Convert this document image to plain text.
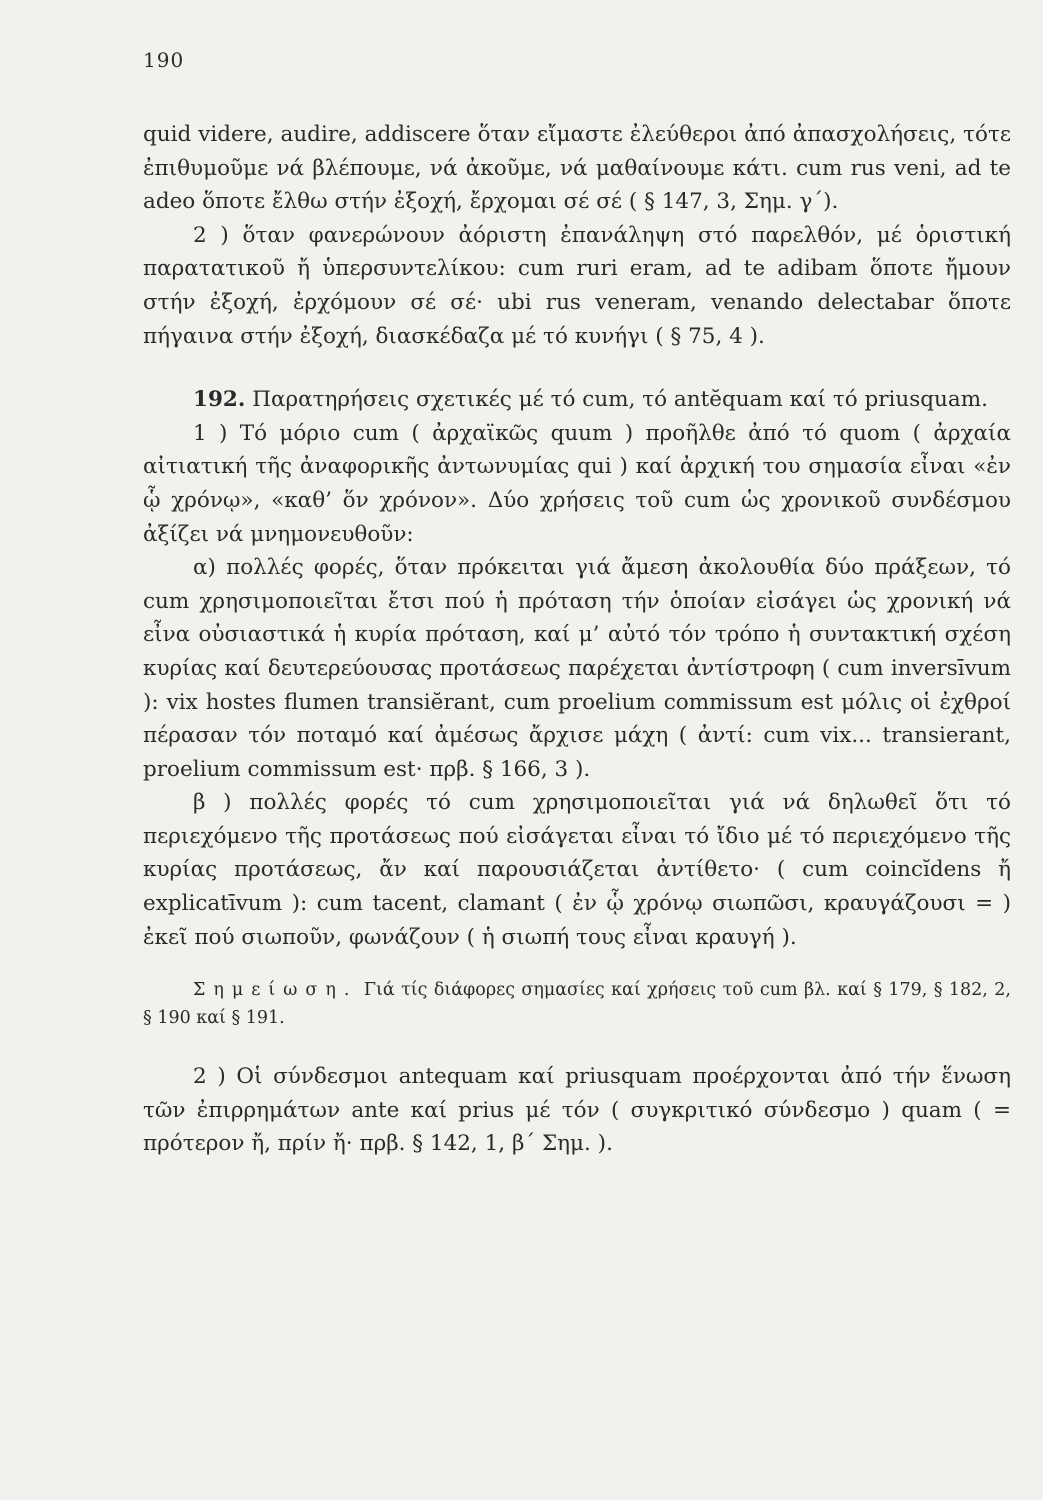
190

quid videre, audire, addiscere ὅταν εἴμαστε ἐλεύθεροι ἀπό ἀπασχολήσεις, τότε ἐπιθυμοῦμε νά βλέπουμε, νά ἀκοῦμε, νά μαθαίνουμε κάτι. cum rus veni, ad te adeo ὅποτε ἔλθω στήν ἐξοχή, ἔρχομαι σέ σέ ( § 147, 3, Σημ. γ΄).

2 ) ὅταν φανερώνουν ἀόριστη ἐπανάληψη στό παρελθόν, μέ ὁριστική παρατατικοῦ ἤ ὑπερσυντελίκου: cum ruri eram, ad te adibam ὅποτε ἤμουν στήν ἐξοχή, ἐρχόμουν σέ σέ· ubi rus veneram, venando delectabar ὅποτε πήγαινα στήν ἐξοχή, διασκέδαζα μέ τό κυνήγι ( § 75, 4 ).

192. Παρατηρήσεις σχετικές μέ τό cum, τό antĕquam καί τό priusquam.

1 ) Τό μόριο cum ( ἀρχαϊκῶς quum ) προῆλθε ἀπό τό quom ( ἀρχαία αἰτιατική τῆς ἀναφορικῆς ἀντωνυμίας qui ) καί ἀρχική του σημασία εἶναι «ἐν ᾧ χρόνῳ», «καθ’ ὅν χρόνον». Δύο χρήσεις τοῦ cum ὡς χρονικοῦ συνδέσμου ἀξίζει νά μνημονευθοῦν:

α) πολλές φορές, ὅταν πρόκειται γιά ἄμεση ἀκολουθία δύο πράξεων, τό cum χρησιμοποιεῖται ἔτσι πού ἡ πρόταση τήν ὁποίαν εἰσάγει ὡς χρονική νά εἶνα οὐσιαστικά ἡ κυρία πρόταση, καί μ’ αὐτό τόν τρόπο ἡ συντακτική σχέση κυρίας καί δευτερεύουσας προτάσεως παρέχεται ἀντίστροφη ( cum inversīvum ): vix hostes flumen transiĕrant, cum proelium commissum est μόλις οἱ ἐχθροί πέρασαν τόν ποταμό καί ἀμέσως ἄρχισε μάχη ( ἀντί: cum vix... transierant, proelium commissum est· πρβ. § 166, 3 ).

β ) πολλές φορές τό cum χρησιμοποιεῖται γιά νά δηλωθεῖ ὅτι τό περιεχόμενο τῆς προτάσεως πού εἰσάγεται εἶναι τό ἴδιο μέ τό περιεχόμενο τῆς κυρίας προτάσεως, ἄν καί παρουσιάζεται ἀντίθετο· ( cum coincĭdens ἤ explicatīvum ): cum tacent, clamant ( ἐν ᾧ χρόνῳ σιωπῶσι, κραυγάζουσι = ) ἐκεῖ πού σιωποῦν, φωνάζουν ( ἡ σιωπή τους εἶναι κραυγή ).

Σημείωση. Γιά τίς διάφορες σημασίες καί χρήσεις τοῦ cum βλ. καί § 179, § 182, 2, § 190 καί § 191.

2 ) Οἱ σύνδεσμοι antequam καί priusquam προέρχονται ἀπό τήν ἕνωση τῶν ἐπιρρημάτων ante καί prius μέ τόν ( συγκριτικό σύνδεσμο ) quam ( = πρότερον ἤ, πρίν ἤ· πρβ. § 142, 1, β΄ Σημ. ).
